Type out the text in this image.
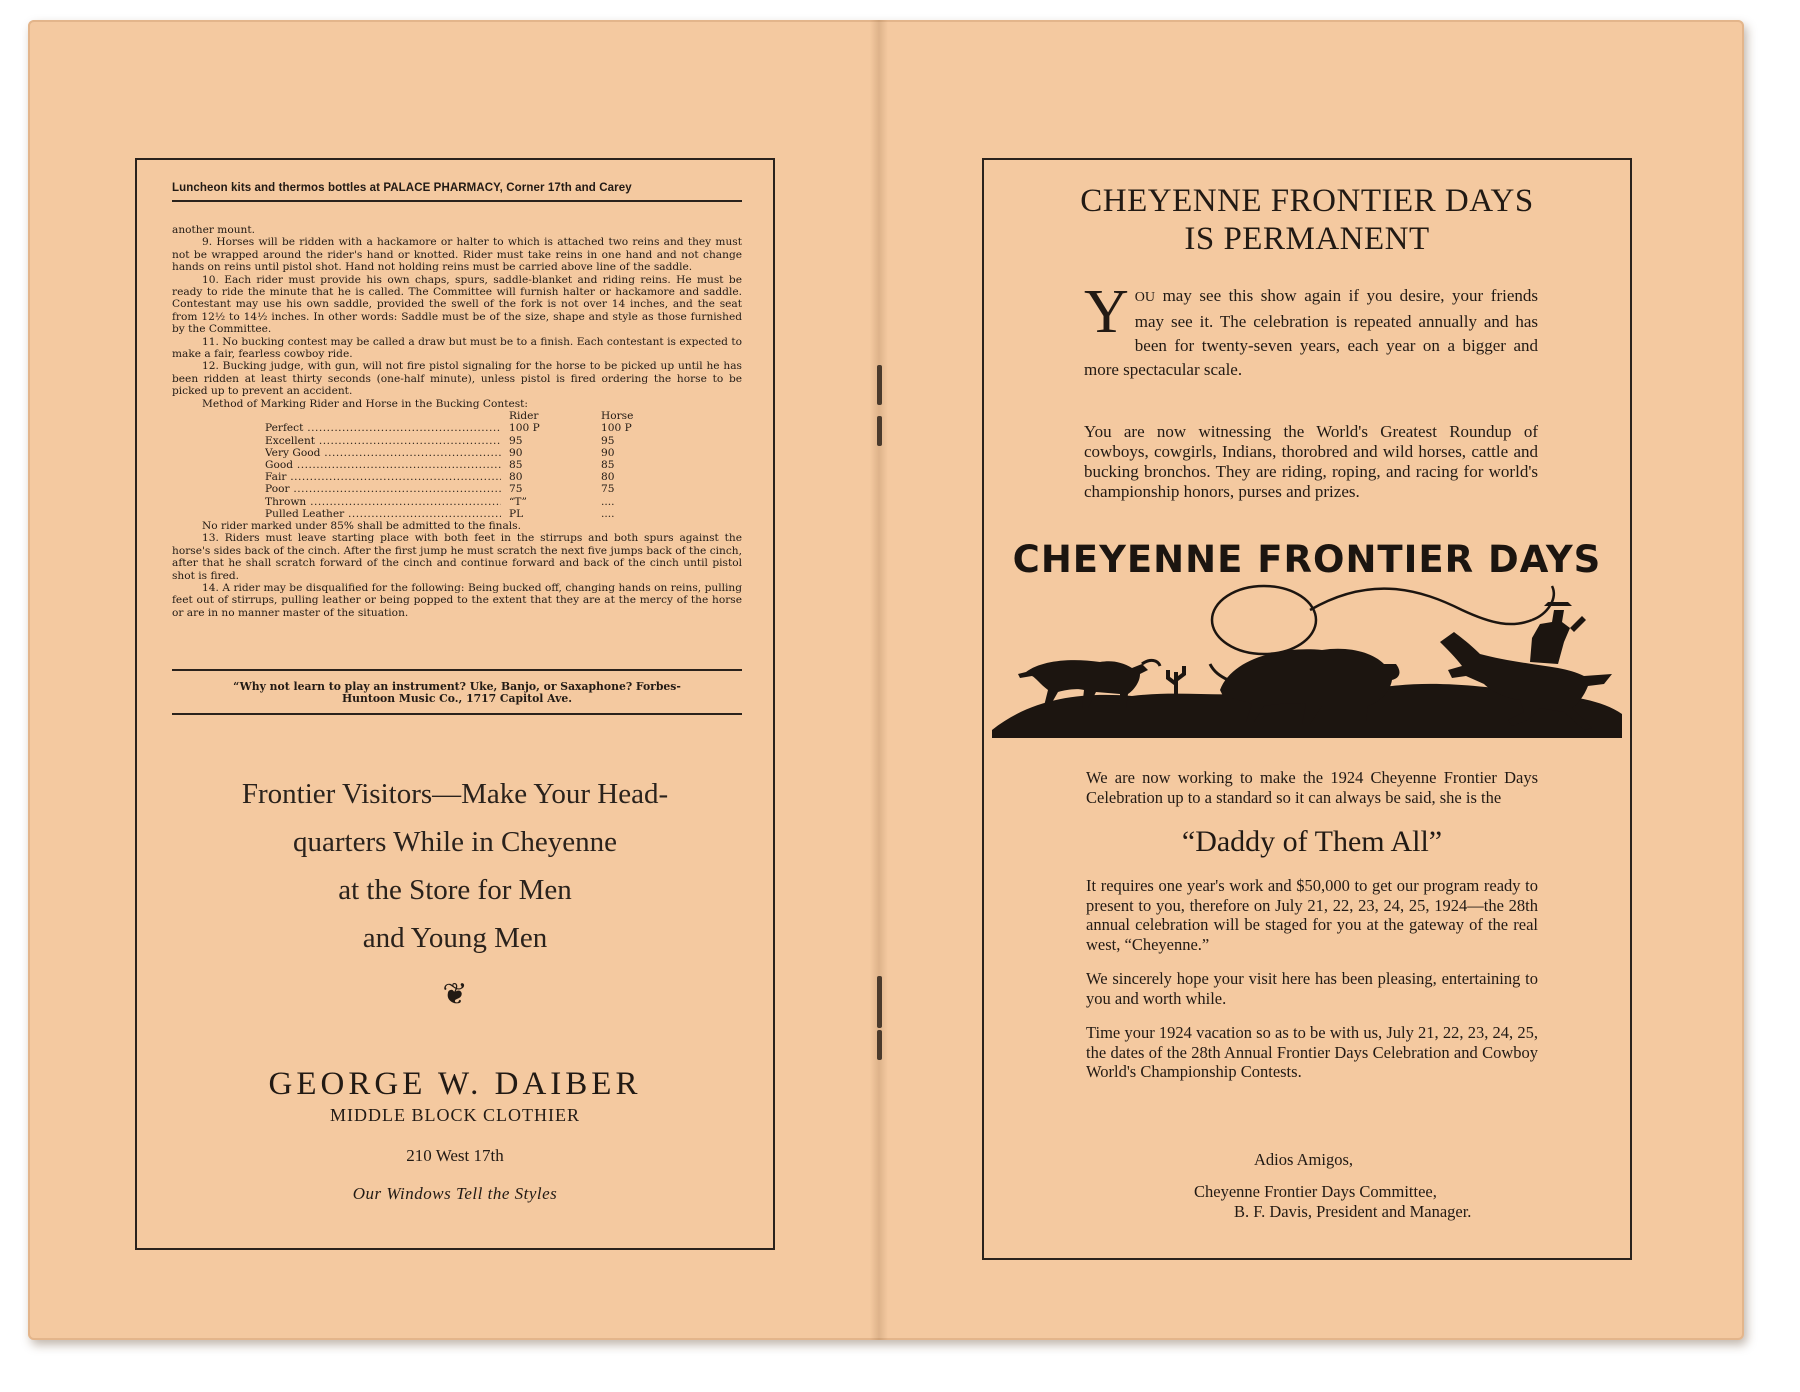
Luncheon kits and thermos bottles at PALACE PHARMACY, Corner 17th and Carey

another mount.

9. Horses will be ridden with a hackamore or halter to which is attached two reins and they must not be wrapped around the rider's hand or knotted. Rider must take reins in one hand and not change hands on reins until pistol shot. Hand not holding reins must be carried above line of the saddle.

10. Each rider must provide his own chaps, spurs, saddle-blanket and riding reins. He must be ready to ride the minute that he is called. The Committee will furnish halter or hackamore and saddle. Contestant may use his own saddle, provided the swell of the fork is not over 14 inches, and the seat from 12½ to 14½ inches. In other words: Saddle must be of the size, shape and style as those furnished by the Committee.

11. No bucking contest may be called a draw but must be to a finish. Each contestant is expected to make a fair, fearless cowboy ride.

12. Bucking judge, with gun, will not fire pistol signaling for the horse to be picked up until he has been ridden at least thirty seconds (one-half minute), unless pistol is fired ordering the horse to be picked up to prevent an accident.

Method of Marking Rider and Horse in the Bucking Contest:

Rider	Horse
Perfect .....	100 P	100 P
Excellent .....	95	95
Very Good .....	90	90
Good .....	85	85
Fair .....	80	80
Poor .....	75	75
Thrown .....	“T”	....
Pulled Leather .....	PL	....

No rider marked under 85% shall be admitted to the finals.

13. Riders must leave starting place with both feet in the stirrups and both spurs against the horse's sides back of the cinch. After the first jump he must scratch the next five jumps back of the cinch, after that he shall scratch forward of the cinch and continue forward and back of the cinch until pistol shot is fired.

14. A rider may be disqualified for the following: Being bucked off, changing hands on reins, pulling feet out of stirrups, pulling leather or being popped to the extent that they are at the mercy of the horse or are in no manner master of the situation.

“Why not learn to play an instrument? Uke, Banjo, or Saxaphone? Forbes-
Huntoon Music Co., 1717 Capitol Ave.
Frontier Visitors—Make Your Head-
quarters While in Cheyenne
at the Store for Men
and Young Men
❦
GEORGE W. DAIBER
MIDDLE BLOCK CLOTHIER
210 West 17th
Our Windows Tell the Styles
CHEYENNE FRONTIER DAYS
IS PERMANENT
YOU may see this show again if you desire, your friends may see it. The celebration is repeated annually and has been for twenty-seven years, each year on a bigger and more spectacular scale.
You are now witnessing the World's Greatest Roundup of cowboys, cowgirls, Indians, thorobred and wild horses, cattle and bucking bronchos. They are riding, roping, and racing for world's championship honors, purses and prizes.
CHEYENNE FRONTIER DAYS

We are now working to make the 1924 Cheyenne Frontier Days Celebration up to a standard so it can always be said, she is the

“Daddy of Them All”

It requires one year's work and $50,000 to get our program ready to present to you, therefore on July 21, 22, 23, 24, 25, 1924—the 28th annual celebration will be staged for you at the gateway of the real west, “Cheyenne.”

We sincerely hope your visit here has been pleasing, entertaining to you and worth while.

Time your 1924 vacation so as to be with us, July 21, 22, 23, 24, 25, the dates of the 28th Annual Frontier Days Celebration and Cowboy World's Championship Contests.

Adios Amigos,
Cheyenne Frontier Days Committee,
B. F. Davis, President and Manager.
